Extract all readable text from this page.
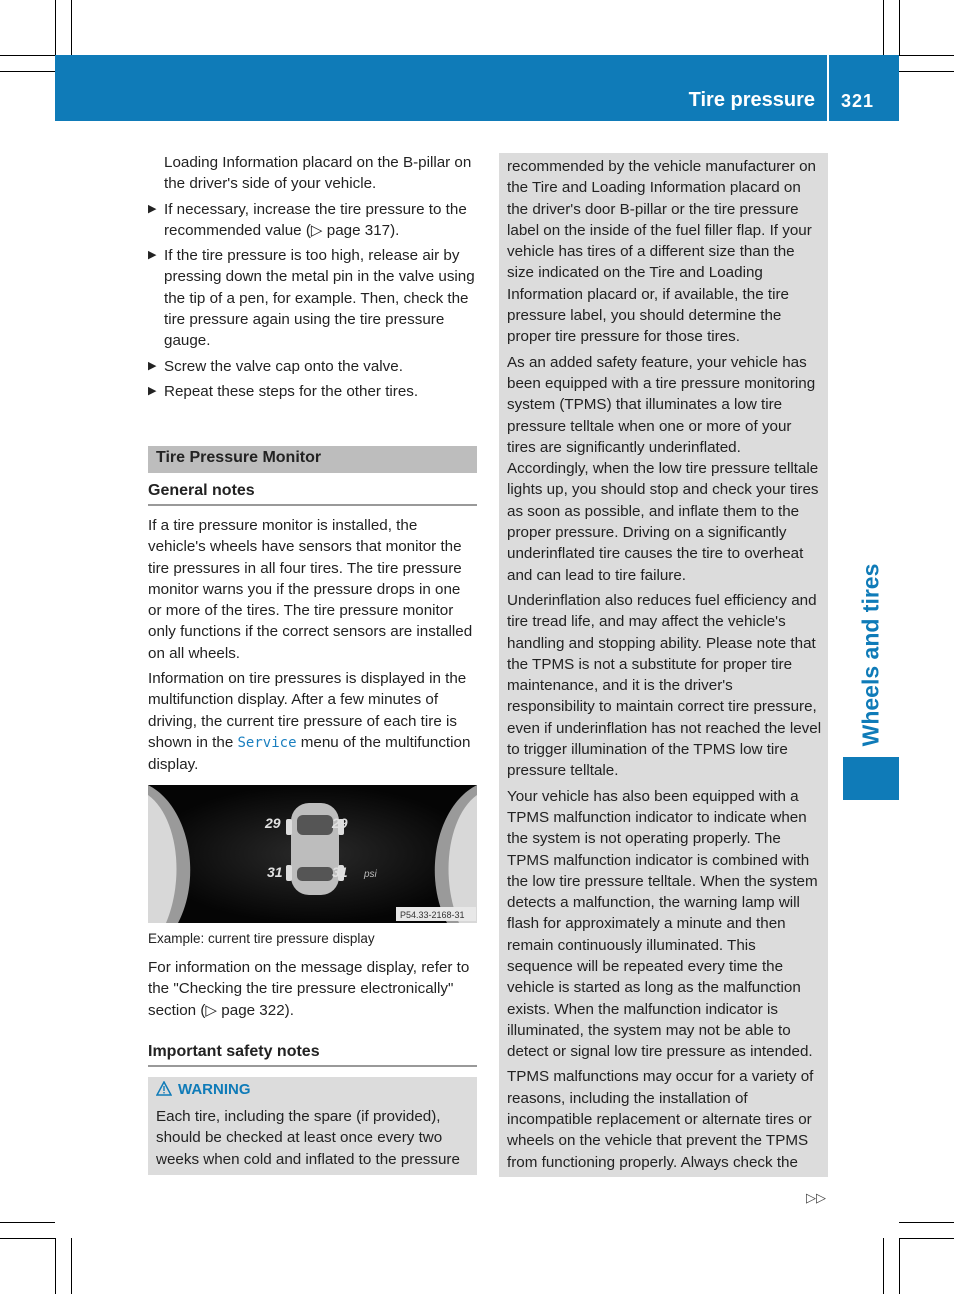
Tire pressure 321
Wheels and tires

Loading Information placard on the B-pillar on the driver's side of your vehicle.

▶ If necessary, increase the tire pressure to the recommended value (▷ page 317).
▶ If the tire pressure is too high, release air by pressing down the metal pin in the valve using the tip of a pen, for example. Then, check the tire pressure again using the tire pressure gauge.
▶ Screw the valve cap onto the valve.
▶ Repeat these steps for the other tires.
Tire Pressure Monitor
General notes

If a tire pressure monitor is installed, the vehicle's wheels have sensors that monitor the tire pressures in all four tires. The tire pressure monitor warns you if the pressure drops in one or more of the tires. The tire pressure monitor only functions if the correct sensors are installed on all wheels.

Information on tire pressures is displayed in the multifunction display. After a few minutes of driving, the current tire pressure of each tire is shown in the Service menu of the multifunction display.

29	29
31	31 psi
P54.33-2168-31
Example: current tire pressure display

For information on the message display, refer to the "Checking the tire pressure electronically" section (▷ page 322).

Important safety notes
WARNING
Each tire, including the spare (if provided), should be checked at least once every two weeks when cold and inflated to the pressure

recommended by the vehicle manufacturer on the Tire and Loading Information placard on the driver's door B-pillar or the tire pressure label on the inside of the fuel filler flap. If your vehicle has tires of a different size than the size indicated on the Tire and Loading Information placard or, if available, the tire pressure label, you should determine the proper tire pressure for those tires.

As an added safety feature, your vehicle has been equipped with a tire pressure monitoring system (TPMS) that illuminates a low tire pressure telltale when one or more of your tires are significantly underinflated. Accordingly, when the low tire pressure telltale lights up, you should stop and check your tires as soon as possible, and inflate them to the proper pressure. Driving on a significantly underinflated tire causes the tire to overheat and can lead to tire failure.

Underinflation also reduces fuel efficiency and tire tread life, and may affect the vehicle's handling and stopping ability. Please note that the TPMS is not a substitute for proper tire maintenance, and it is the driver's responsibility to maintain correct tire pressure, even if underinflation has not reached the level to trigger illumination of the TPMS low tire pressure telltale.

Your vehicle has also been equipped with a TPMS malfunction indicator to indicate when the system is not operating properly. The TPMS malfunction indicator is combined with the low tire pressure telltale. When the system detects a malfunction, the warning lamp will flash for approximately a minute and then remain continuously illuminated. This sequence will be repeated every time the vehicle is started as long as the malfunction exists. When the malfunction indicator is illuminated, the system may not be able to detect or signal low tire pressure as intended.

TPMS malfunctions may occur for a variety of reasons, including the installation of incompatible replacement or alternate tires or wheels on the vehicle that prevent the TPMS from functioning properly. Always check the

▷▷
